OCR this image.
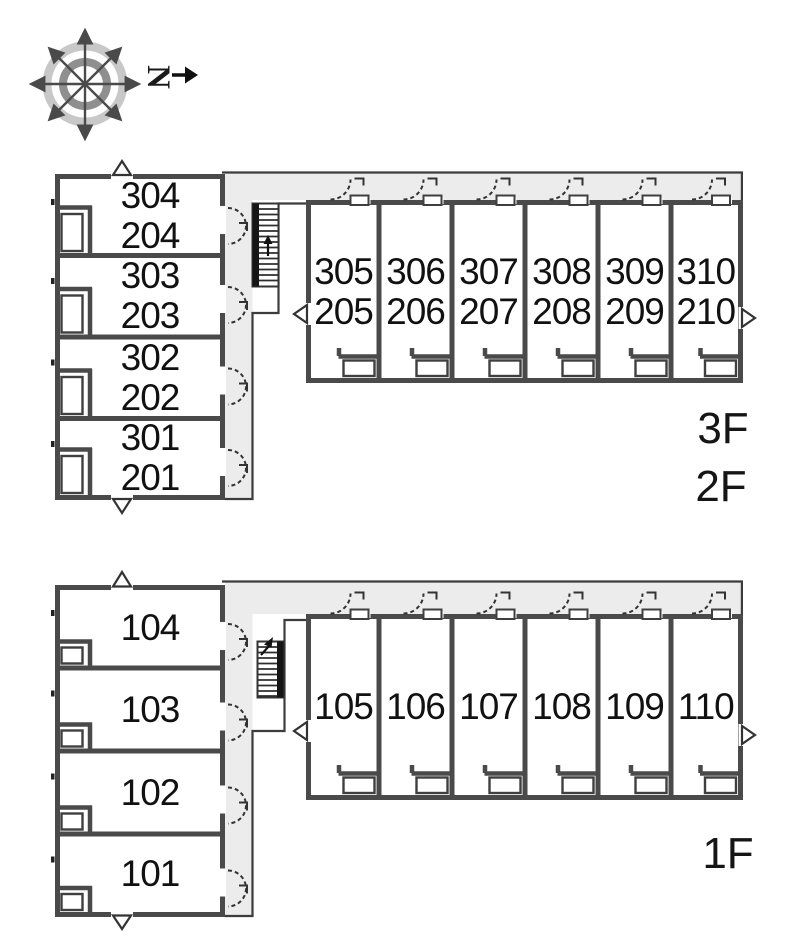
N
304
204
303
203
302
202
301
201
305
205
306
206
307
207
308
208
309
209
310
210
3F
2F
104
103
102
101
105 106 107 108 109 110
1F
